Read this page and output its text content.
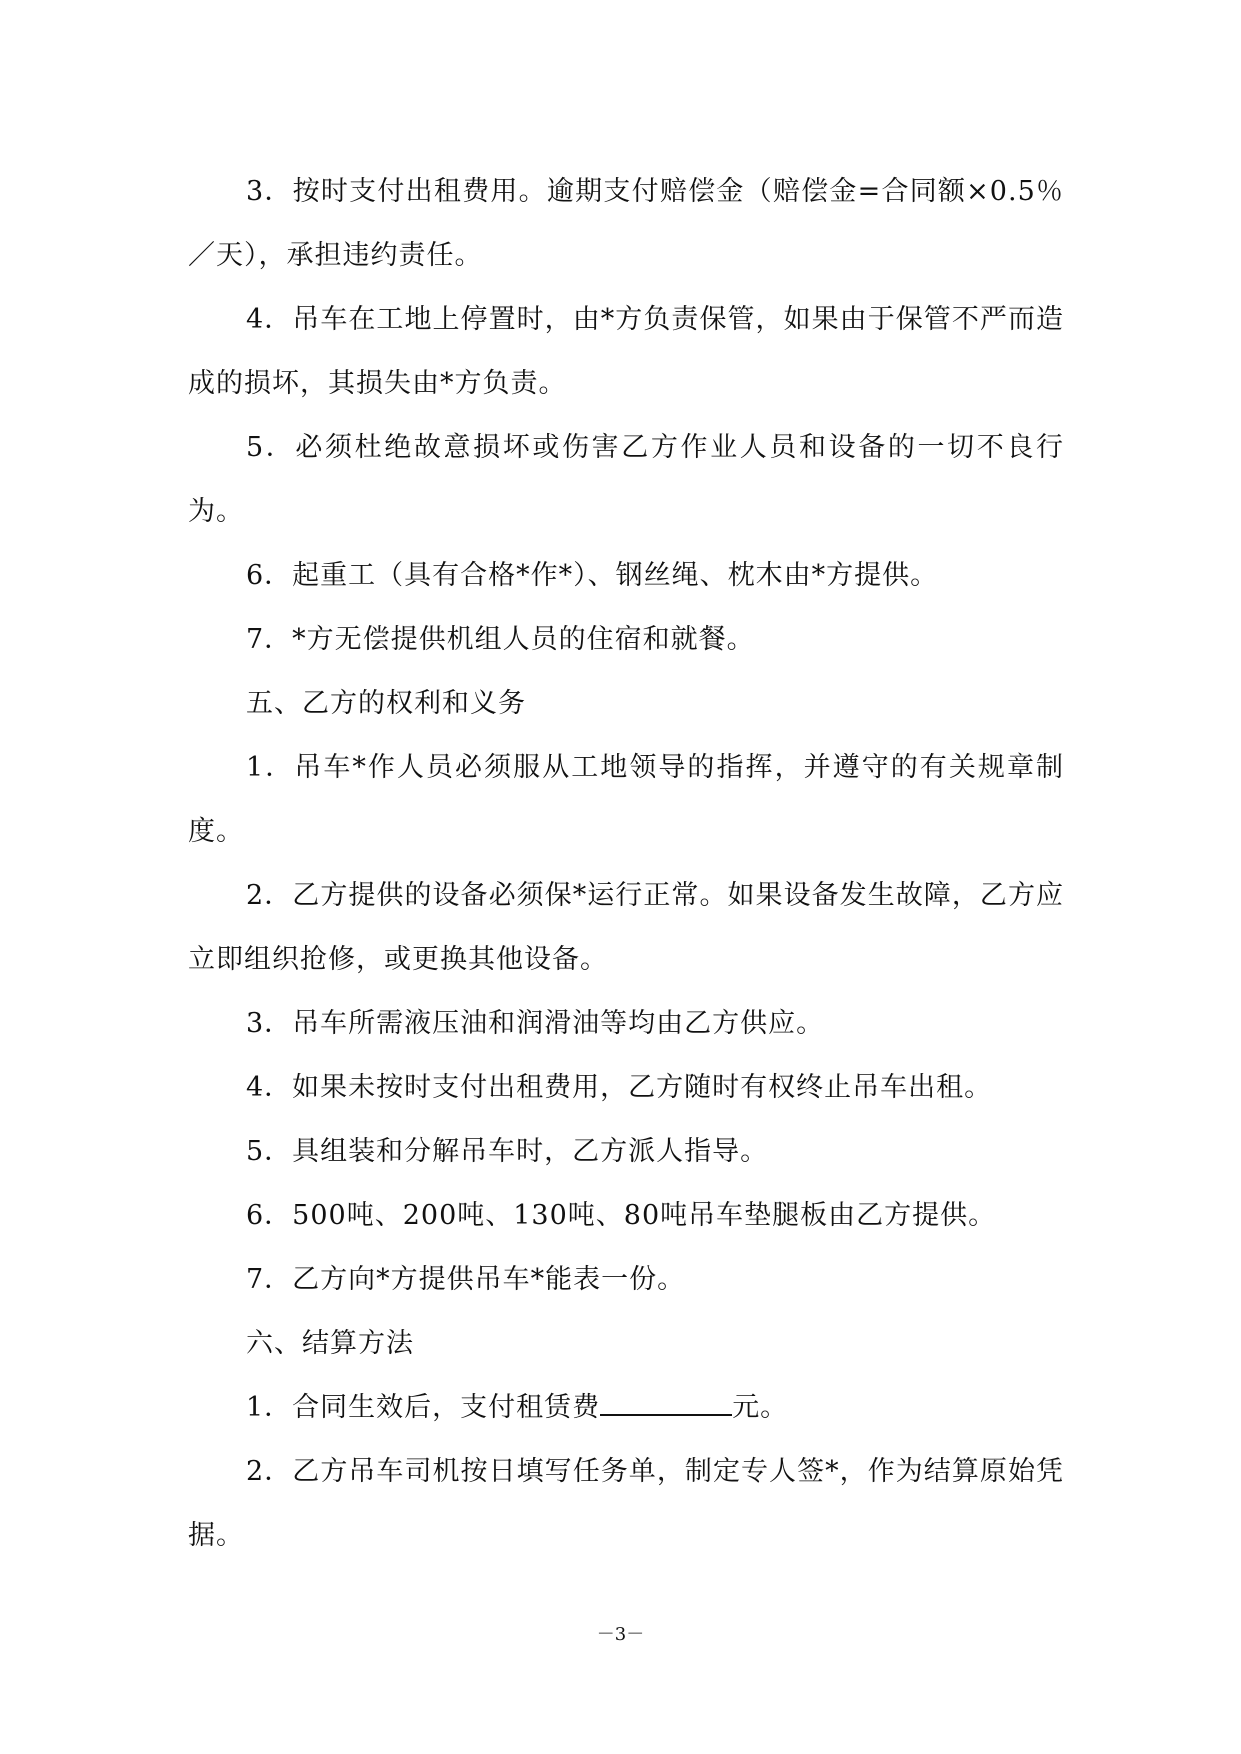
3．按时支付出租费用。逾期支付赔偿金（赔偿金=合同额×0.5％／天），承担违约责任。

4．吊车在工地上停置时，由*方负责保管，如果由于保管不严而造成的损坏，其损失由*方负责。

5．必须杜绝故意损坏或伤害乙方作业人员和设备的一切不良行为。

6．起重工（具有合格*作*）、钢丝绳、枕木由*方提供。

7．*方无偿提供机组人员的住宿和就餐。

五、乙方的权利和义务

1．吊车*作人员必须服从工地领导的指挥，并遵守的有关规章制度。

2．乙方提供的设备必须保*运行正常。如果设备发生故障，乙方应立即组织抢修，或更换其他设备。

3．吊车所需液压油和润滑油等均由乙方供应。

4．如果未按时支付出租费用，乙方随时有权终止吊车出租。

5．具组装和分解吊车时，乙方派人指导。

6．500吨、200吨、130吨、80吨吊车垫腿板由乙方提供。

7．乙方向*方提供吊车*能表一份。

六、结算方法

1．合同生效后，支付租赁费	元。

2．乙方吊车司机按日填写任务单，制定专人签*，作为结算原始凭据。

－3－
